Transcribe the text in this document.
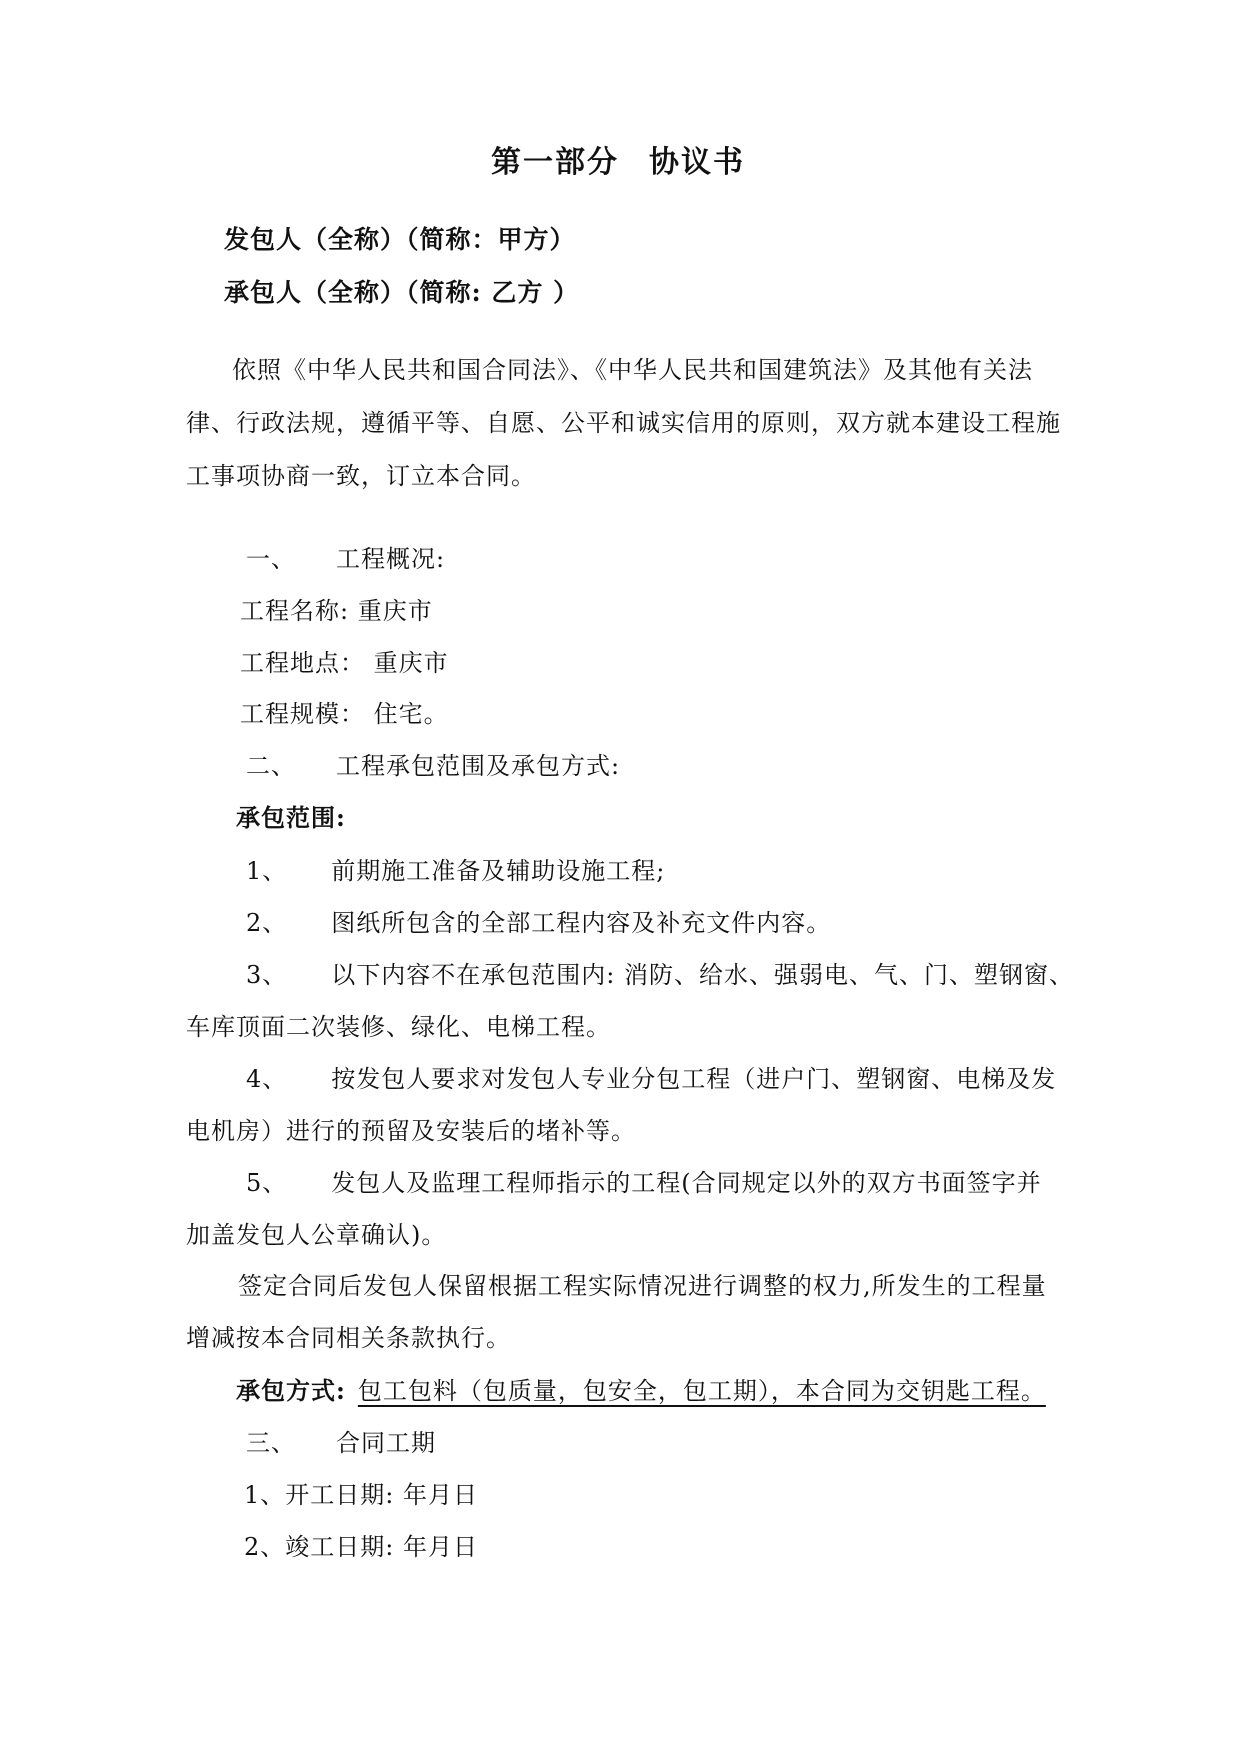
第一部分 协议书
发包人（全称）（简称：甲方）
承包人（全称）（简称: 乙方 ）
依照《中华人民共和国合同法》、《中华人民共和国建筑法》及其他有关法
律、行政法规，遵循平等、自愿、公平和诚实信用的原则，双方就本建设工程施
工事项协商一致，订立本合同。
一、 工程概况:
工程名称: 重庆市
工程地点： 重庆市
工程规模： 住宅。
二、 工程承包范围及承包方式:
承包范围:
1、 前期施工准备及辅助设施工程;
2、 图纸所包含的全部工程内容及补充文件内容。
3、 以下内容不在承包范围内: 消防、给水、强弱电、气、门、塑钢窗、
车库顶面二次装修、绿化、电梯工程。
4、 按发包人要求对发包人专业分包工程（进户门、塑钢窗、电梯及发
电机房）进行的预留及安装后的堵补等。
5、 发包人及监理工程师指示的工程(合同规定以外的双方书面签字并
加盖发包人公章确认)。
签定合同后发包人保留根据工程实际情况进行调整的权力,所发生的工程量
增减按本合同相关条款执行。
承包方式: 包工包料（包质量，包安全，包工期），本合同为交钥匙工程。
三、 合同工期
1、开工日期: 年月日
2、竣工日期: 年月日
